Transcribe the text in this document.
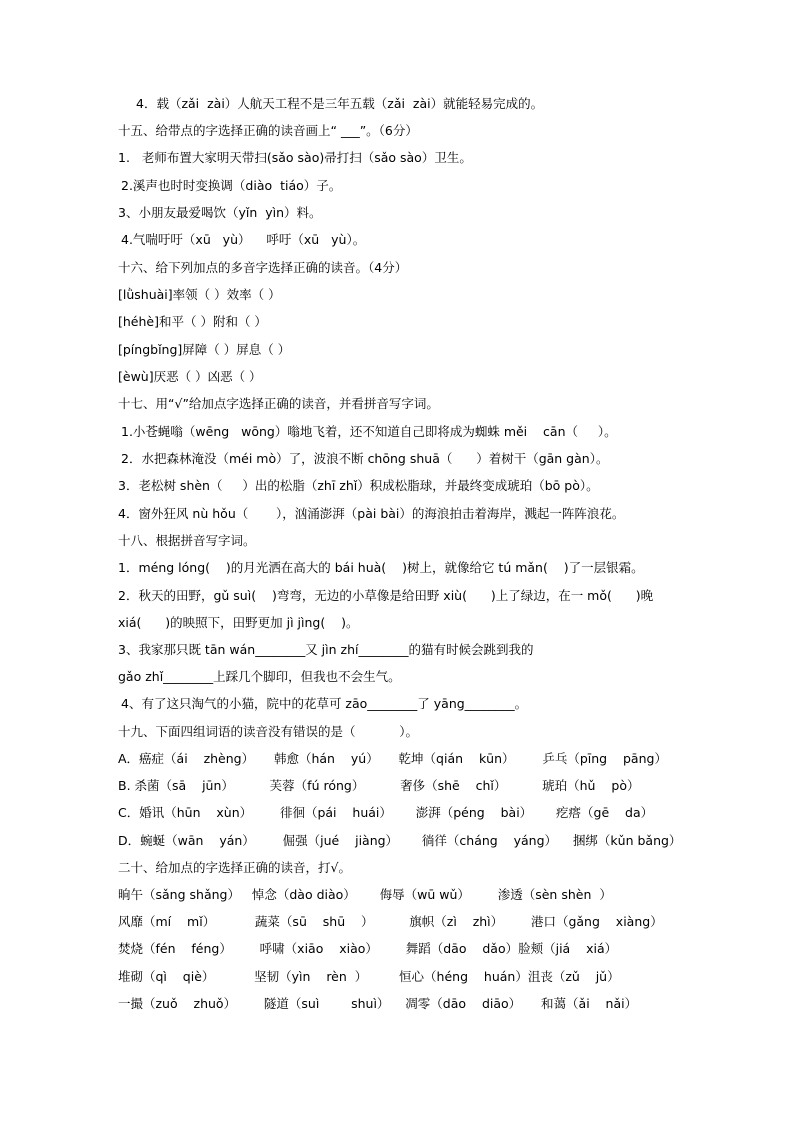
4．载（zǎi  zài）人航天工程不是三年五载（zǎi  zài）就能轻易完成的。
十五、给带点的字选择正确的读音画上“ ___”。（6分）
1.   老师布置大家明天带扫(sǎo sào)帚打扫（sǎo sào）卫生。
2.溪声也时时变换调（diào  tiáo）子。
3、小朋友最爱喝饮（yǐn  yìn）料。
4.气喘吁吁（xū   yù）    呼吁（xū   yù）。
十六、给下列加点的多音字选择正确的读音。（4分）
[lǜshuài]率领（ ）效率（ ）
[héhè]和平（ ）附和（ ）
[píngbǐng]屏障（ ）屏息（ ）
[èwù]厌恶（ ）凶恶（ ）
十七、用“√”给加点字选择正确的读音，并看拼音写字词。
1.小苍蝇嗡（wēng   wōng）嗡地飞着，还不知道自己即将成为蜘蛛 měi    cān（     ）。
2．水把森林淹没（méi mò）了，波浪不断 chōng shuā（      ）着树干（gān gàn）。
3．老松树 shèn（     ）出的松脂（zhī zhǐ）积成松脂球，并最终变成琥珀（bō pò）。
4．窗外狂风 nù hǒu（       ），汹涌澎湃（pài bài）的海浪拍击着海岸，溅起一阵阵浪花。
十八、根据拼音写字词。
1．méng lóng(    )的月光洒在高大的 bái huà(    )树上，就像给它 tú mǎn(    )了一层银霜。
2．秋天的田野，gǔ suì(    )弯弯，无边的小草像是给田野 xiù(      )上了绿边，在一 mǒ(      )晚
xiá(      )的映照下，田野更加 jì jìng(    )。
3、我家那只既 tān wán________又 jìn zhí________的猫有时候会跳到我的
gǎo zhǐ________上踩几个脚印，但我也不会生气。
4、有了这只淘气的小猫，院中的花草可 zāo________了 yāng________。
十九、下面四组词语的读音没有错误的是（           ）。
A．癌症（ái    zhèng）     韩愈（hán    yú）     乾坤（qián    kūn）       乒乓（pīng    pāng）
B. 杀菌（sā    jūn）         芙蓉（fú róng）         奢侈（shē    chǐ）         琥珀（hǔ    pò）
C．婚讯（hūn    xùn）       徘徊（pái    huái）      澎湃（péng    bài）      疙瘩（gē    da）
D．蜿蜒（wān    yán）       倔强（jué    jiàng）      徜徉（cháng    yáng）    捆绑（kǔn bǎng）
二十、给加点的字选择正确的读音，打√。
晌午（sǎng shǎng）   悼念（dào diào）      侮辱（wū wǔ）       渗透（sèn shèn  ）
风靡（mí    mǐ）          蔬菜（sū    shū    ）         旗帜（zì    zhì）       港口（gǎng    xiàng）
焚烧（fén    féng）       呼啸（xiāo    xiào）       舞蹈（dāo    dǎo）脸颊（jiá    xiá）
堆砌（qì    qiè）          坚韧（yìn    rèn  ）        恒心（héng    huán）沮丧（zǔ    jǔ）
一撮（zuǒ    zhuǒ）       隧道（suì        shuì）    凋零（dāo    diāo）     和蔼（ǎi    nǎi）
